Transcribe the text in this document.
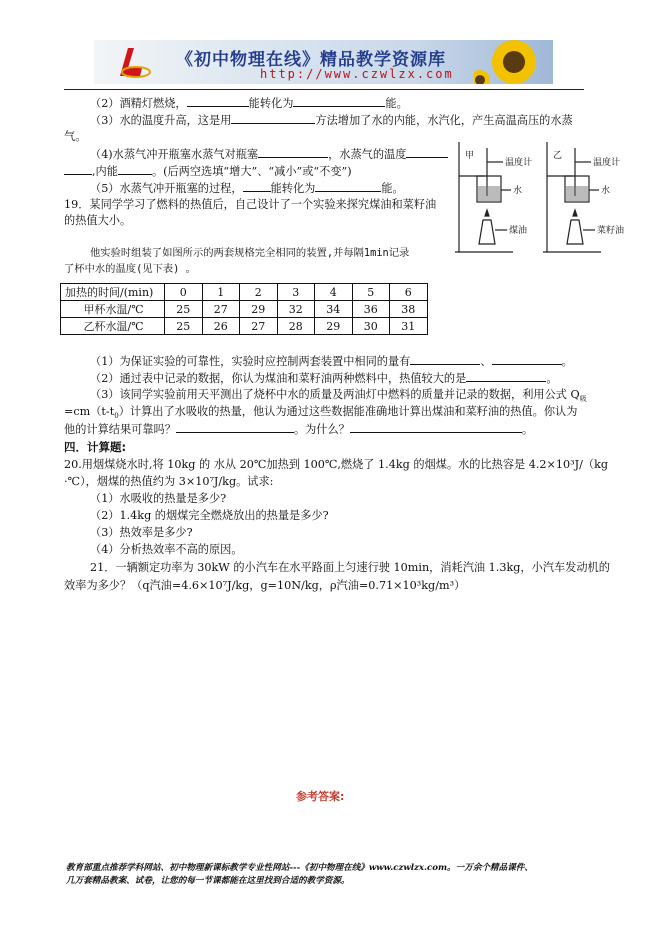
《初中物理在线》精品教学资源库
http://www.czwlzx.com
（2）酒精灯燃烧，	能转化为	能。
（3）水的温度升高，这是用	方法增加了水的内能，水汽化，产生高温高压的水蒸
气。
（4)水蒸气冲开瓶塞水蒸气对瓶塞	，水蒸气的温度
,内能	。(后两空选填“增大”、“减小”或“不变”)
（5）水蒸气冲开瓶塞的过程，	能转化为	能。
19．某同学学习了燃料的热值后，自己设计了一个实验来探究煤油和菜籽油
的热值大小。
他实验时组装了如图所示的两套规格完全相同的装置,并每隔1min记录
了杯中水的温度(见下表) 。
甲
温度计
水
煤油
乙
温度计
水
菜籽油
加热的时间/(min)	0	1	2	3	4	5	6
甲杯水温/℃	25	27	29	32	34	36	38
乙杯水温/℃	25	26	27	28	29	30	31
（1）为保证实验的可靠性，实验时应控制两套装置中相同的量有	、	。
（2）通过表中记录的数据，你认为煤油和菜籽油两种燃料中，热值较大的是	。
（3）该同学实验前用天平测出了烧杯中水的质量及两油灯中燃料的质量并记录的数据，利用公式 $Q_吸$
$=cm(t-t_0)$计算出了水吸收的热量，他认为通过这些数据能准确地计算出煤油和菜籽油的热值。你认为
他的计算结果可靠吗？	。为什么？	。
四．计算题:
20.用烟煤烧水时,将 10kg 的 水从 20℃加热到 100℃,燃烧了 1.4kg 的烟煤。水的比热容是 4.2×10³J/（kg
·℃），烟煤的热值约为 3×10⁷J/kg。试求:
（1）水吸收的热量是多少?
（2）1.4kg 的烟煤完全燃烧放出的热量是多少?
（3）热效率是多少?
（4）分析热效率不高的原因。
21．一辆额定功率为 30kW 的小汽车在水平路面上匀速行驶 10min，消耗汽油 1.3kg，小汽车发动机的
效率为多少？（q汽油=4.6×10⁷J/kg，g=10N/kg，ρ汽油=0.71×10³kg/m³）
参考答案:
教育部重点推荐学科网站、初中物理新课标教学专业性网站---《初中物理在线》www.czwlzx.com。一万余个精品课件、
几万套精品教案、试卷，让您的每一节课都能在这里找到合适的教学资源。
